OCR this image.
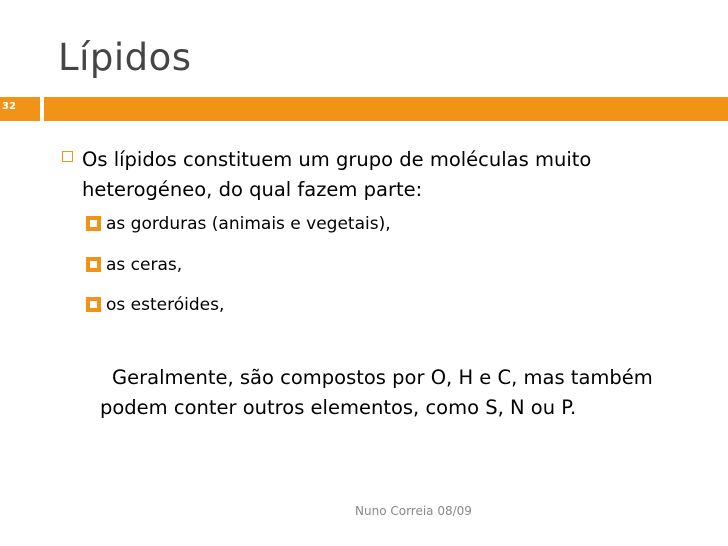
Lípidos
32
Os lípidos constituem um grupo de moléculas muito heterogéneo, do qual fazem parte:
as gorduras (animais e vegetais),
as ceras,
os esteróides,
Geralmente, são compostos por O, H e C, mas também podem conter outros elementos, como S, N ou P.
Nuno Correia 08/09
